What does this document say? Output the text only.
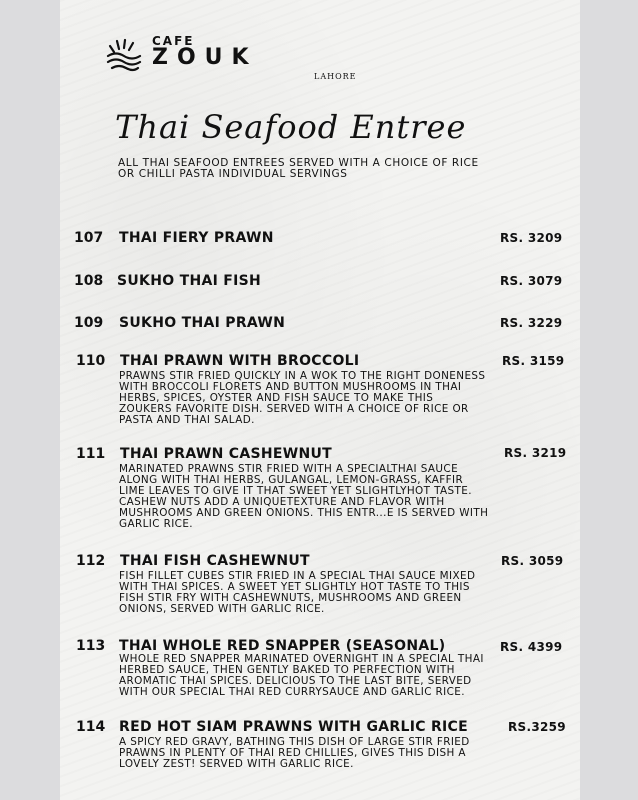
CAFE
ZOUK
LAHORE
Thai Seafood Entree
ALL THAI SEAFOOD ENTREES SERVED WITH A CHOICE OF RICE OR CHILLI PASTA INDIVIDUAL SERVINGS
107 THAI FIERY PRAWN	RS. 3209
108 SUKHO THAI FISH	RS. 3079
109 SUKHO THAI PRAWN	RS. 3229
110 THAI PRAWN WITH BROCCOLI	RS. 3159
PRAWNS STIR FRIED QUICKLY IN A WOK TO THE RIGHT DONENESS WITH BROCCOLI FLORETS AND BUTTON MUSHROOMS IN THAI HERBS, SPICES, OYSTER AND FISH SAUCE TO MAKE THIS ZOUKERS FAVORITE DISH. SERVED WITH A CHOICE OF RICE OR PASTA AND THAI SALAD.
111 THAI PRAWN CASHEWNUT	RS. 3219
MARINATED PRAWNS STIR FRIED WITH A SPECIALTHAI SAUCE ALONG WITH THAI HERBS, GULANGAL, LEMON-GRASS, KAFFIR LIME LEAVES TO GIVE IT THAT SWEET YET SLIGHTLYHOT TASTE. CASHEW NUTS ADD A UNIQUETEXTURE AND FLAVOR WITH MUSHROOMS AND GREEN ONIONS. THIS ENTR...E IS SERVED WITH GARLIC RICE.
112 THAI FISH CASHEWNUT	RS. 3059
FISH FILLET CUBES STIR FRIED IN A SPECIAL THAI SAUCE MIXED WITH THAI SPICES. A SWEET YET SLIGHTLY HOT TASTE TO THIS FISH STIR FRY WITH CASHEWNUTS, MUSHROOMS AND GREEN ONIONS, SERVED WITH GARLIC RICE.
113 THAI WHOLE RED SNAPPER (SEASONAL)	RS. 4399
WHOLE RED SNAPPER MARINATED OVERNIGHT IN A SPECIAL THAI HERBED SAUCE, THEN GENTLY BAKED TO PERFECTION WITH AROMATIC THAI SPICES. DELICIOUS TO THE LAST BITE, SERVED WITH OUR SPECIAL THAI RED CURRYSAUCE AND GARLIC RICE.
114 RED HOT SIAM PRAWNS WITH GARLIC RICE	RS.3259
A SPICY RED GRAVY, BATHING THIS DISH OF LARGE STIR FRIED PRAWNS IN PLENTY OF THAI RED CHILLIES, GIVES THIS DISH A LOVELY ZEST! SERVED WITH GARLIC RICE.
